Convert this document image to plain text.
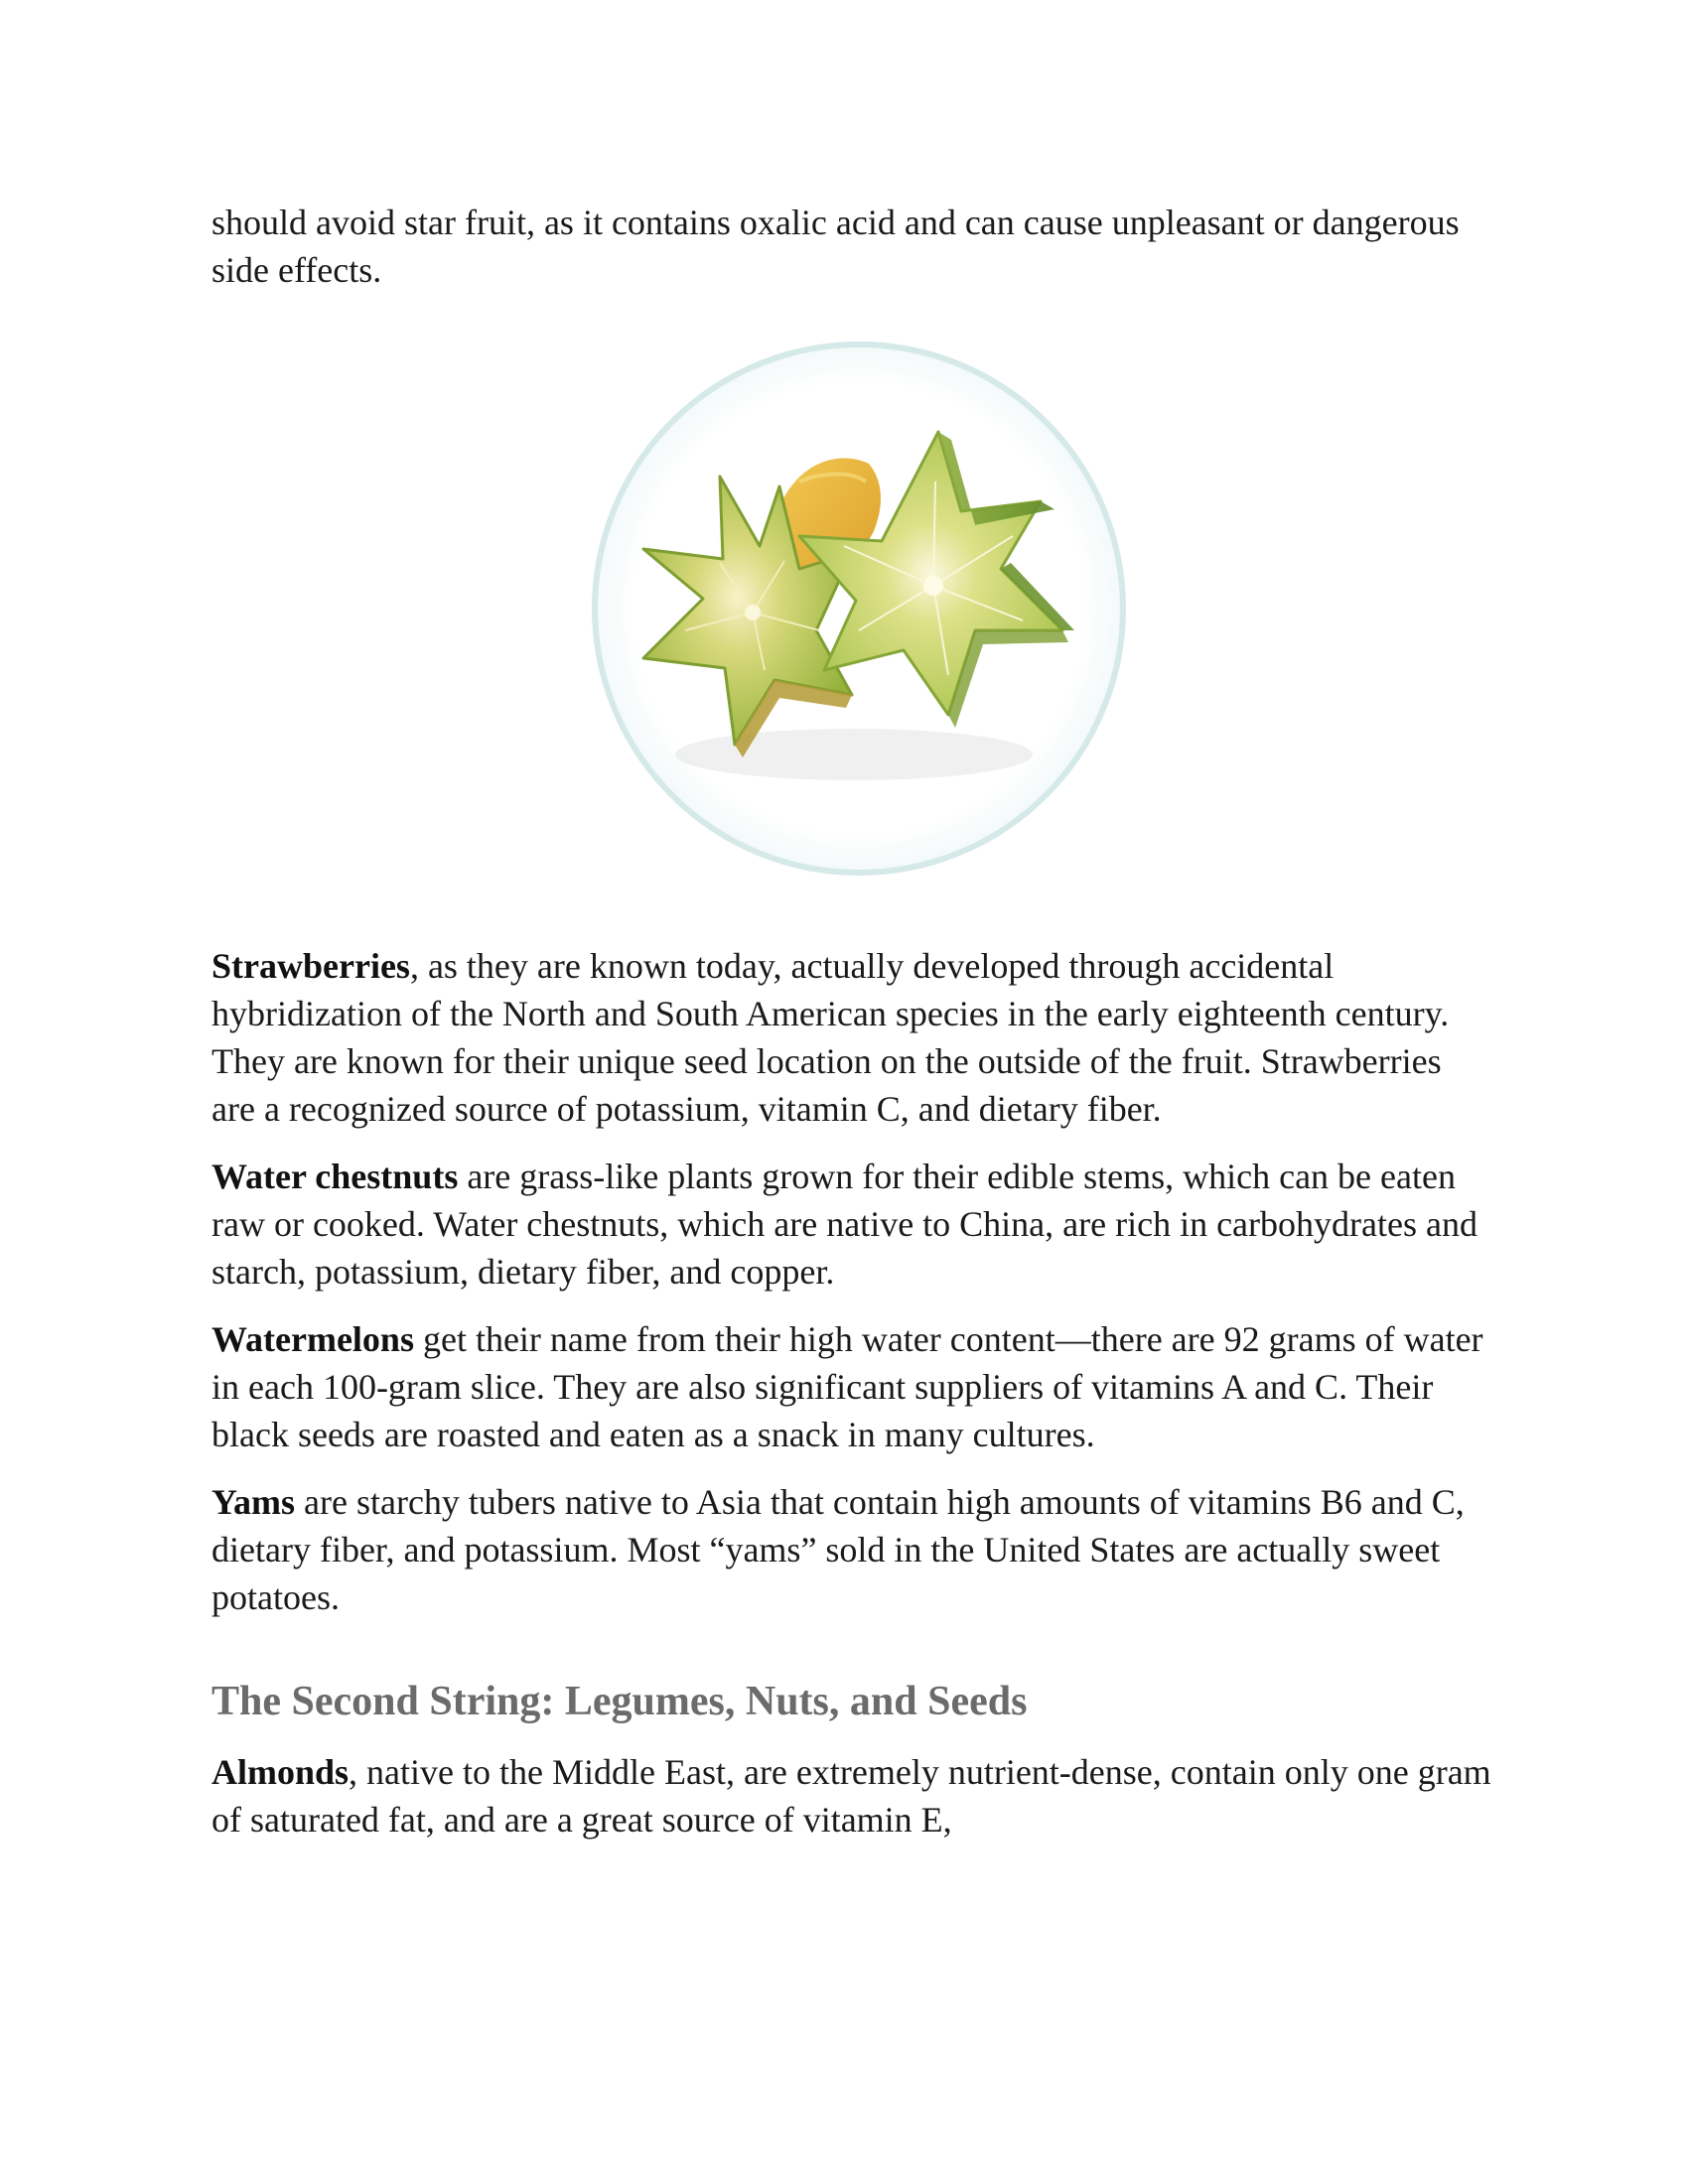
should avoid star fruit, as it contains oxalic acid and can cause unpleasant or dangerous side effects.

Strawberries, as they are known today, actually developed through accidental hybridization of the North and South American species in the early eighteenth century. They are known for their unique seed location on the outside of the fruit. Strawberries are a recognized source of potassium, vitamin C, and dietary fiber.

Water chestnuts are grass-like plants grown for their edible stems, which can be eaten raw or cooked. Water chestnuts, which are native to China, are rich in carbohydrates and starch, potassium, dietary fiber, and copper.

Watermelons get their name from their high water content—there are 92 grams of water in each 100-gram slice. They are also significant suppliers of vitamins A and C. Their black seeds are roasted and eaten as a snack in many cultures.

Yams are starchy tubers native to Asia that contain high amounts of vitamins B6 and C, dietary fiber, and potassium. Most “yams” sold in the United States are actually sweet potatoes.

The Second String: Legumes, Nuts, and Seeds

Almonds, native to the Middle East, are extremely nutrient-dense, contain only one gram of saturated fat, and are a great source of vitamin E,
